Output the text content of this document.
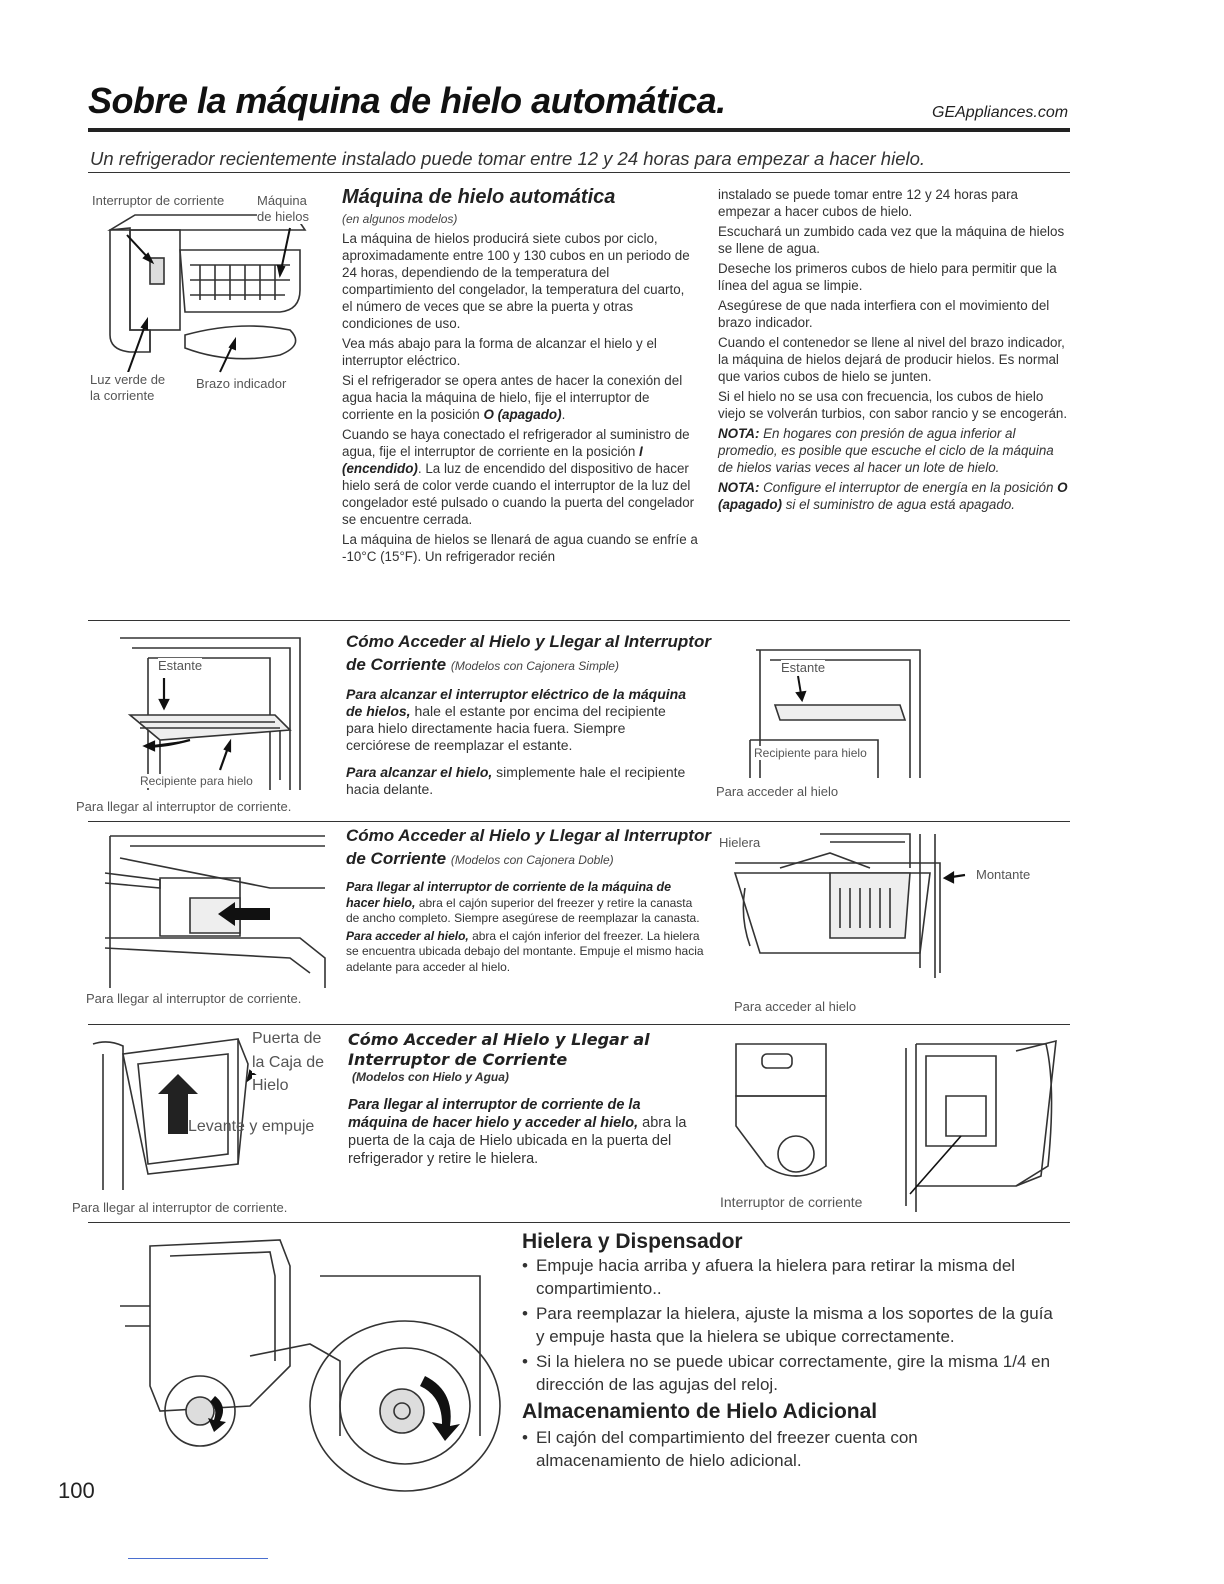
Sobre la máquina de hielo automática.	GEAppliances.com
Un refrigerador recientemente instalado puede tomar entre 12 y 24 horas para empezar a hacer hielo.
Interruptor de corriente	Máquina
de hielos
Luz verde de
la corriente
Brazo indicador
Máquina de hielo automática
(en algunos modelos)

La máquina de hielos producirá siete cubos por ciclo, aproximadamente entre 100 y 130 cubos en un periodo de 24 horas, dependiendo de la temperatura del compartimiento del congelador, la temperatura del cuarto, el número de veces que se abre la puerta y otras condiciones de uso.

Vea más abajo para la forma de alcanzar el hielo y el interruptor eléctrico.

Si el refrigerador se opera antes de hacer la conexión del agua hacia la máquina de hielo, fije el interruptor de corriente en la posición O (apagado).

Cuando se haya conectado el refrigerador al suministro de agua, fije el interruptor de corriente en la posición I (encendido). La luz de encendido del dispositivo de hacer hielo será de color verde cuando el interruptor de la luz del congelador esté pulsado o cuando la puerta del congelador se encuentre cerrada.

La máquina de hielos se llenará de agua cuando se enfríe a -10°C (15°F). Un refrigerador recién

instalado se puede tomar entre 12 y 24 horas para empezar a hacer cubos de hielo.

Escuchará un zumbido cada vez que la máquina de hielos se llene de agua.

Deseche los primeros cubos de hielo para permitir que la línea del agua se limpie.

Asegúrese de que nada interfiera con el movimiento del brazo indicador.

Cuando el contenedor se llene al nivel del brazo indicador, la máquina de hielos dejará de producir hielos. Es normal que varios cubos de hielo se junten.

Si el hielo no se usa con frecuencia, los cubos de hielo viejo se volverán turbios, con sabor rancio y se encogerán.

NOTA: En hogares con presión de agua inferior al promedio, es posible que escuche el ciclo de la máquina de hielos varias veces al hacer un lote de hielo.

NOTA: Configure el interruptor de energía en la posición O (apagado) si el suministro de agua está apagado.

Estante
Recipiente para hielo
Para llegar al interruptor de corriente.
Cómo Acceder al Hielo y Llegar al Interruptor de Corriente (Modelos con Cajonera Simple)

Para alcanzar el interruptor eléctrico de la máquina de hielos, hale el estante por encima del recipiente para hielo directamente hacia fuera. Siempre cerciórese de reemplazar el estante.

Para alcanzar el hielo, simplemente hale el recipiente hacia delante.

Estante
Recipiente para hielo
Para acceder al hielo
Para llegar al interruptor de corriente.
Cómo Acceder al Hielo y Llegar al Interruptor de Corriente (Modelos con Cajonera Doble)

Para llegar al interruptor de corriente de la máquina de hacer hielo, abra el cajón superior del freezer y retire la canasta de ancho completo. Siempre asegúrese de reemplazar la canasta.

Para acceder al hielo, abra el cajón inferior del freezer. La hielera se encuentra ubicada debajo del montante. Empuje el mismo hacia adelante para acceder al hielo.

Hielera
Montante
Para acceder al hielo
Puerta de
la Caja de
Hielo
Levante y empuje
Para llegar al interruptor de corriente.
Cómo Acceder al Hielo y Llegar al Interruptor de Corriente
(Modelos con Hielo y Agua)

Para llegar al interruptor de corriente de la máquina de hacer hielo y acceder al hielo, abra la puerta de la caja de Hielo ubicada en la puerta del refrigerador y retire le hielera.

Interruptor de corriente
Hielera y Dispensador
• Empuje hacia arriba y afuera la hielera para retirar la misma del compartimiento..
• Para reemplazar la hielera, ajuste la misma a los soportes de la guía y empuje hasta que la hielera se ubique correctamente.
• Si la hielera no se puede ubicar correctamente, gire la misma 1/4 en dirección de las agujas del reloj.
Almacenamiento de Hielo Adicional
• El cajón del compartimiento del freezer cuenta con almacenamiento de hielo adicional.
100
